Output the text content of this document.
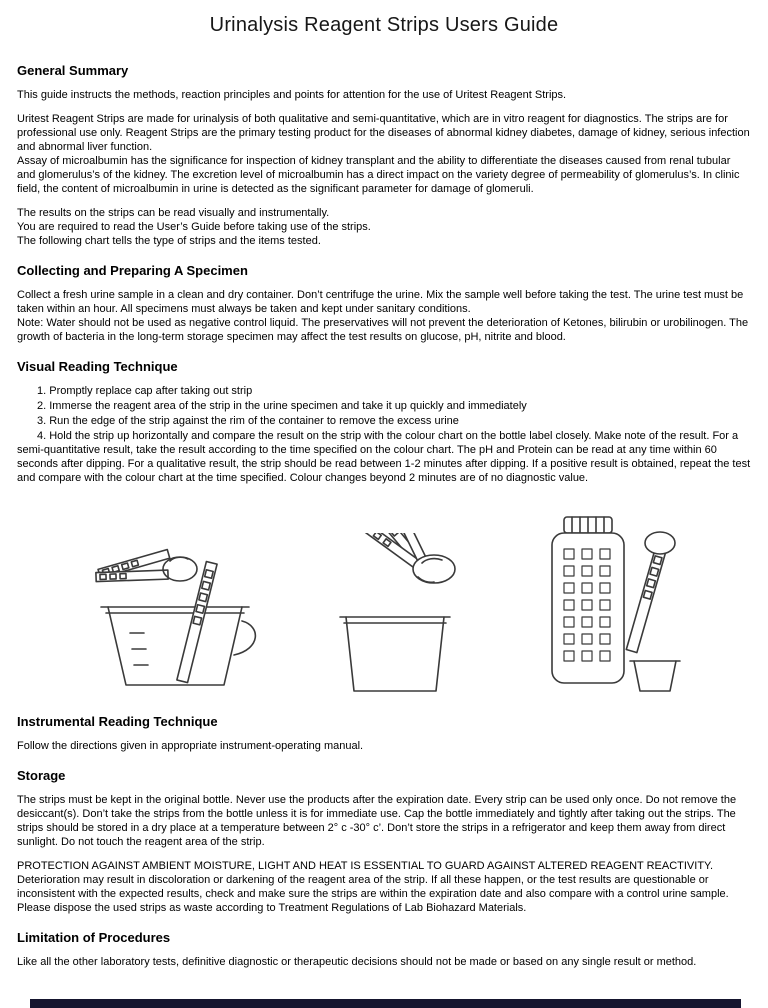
Urinalysis Reagent Strips Users Guide
General Summary
This guide instructs the methods, reaction principles and points for attention for the use of Uritest Reagent Strips.
Uritest Reagent Strips are made for urinalysis of both qualitative and semi-quantitative, which are in vitro reagent for diagnostics. The strips are for professional use only. Reagent Strips are the primary testing product for the diseases of abnormal kidney diabetes, damage of kidney, serious infection and abnormal liver function.
Assay of microalbumin has the significance for inspection of kidney transplant and the ability to differentiate the diseases caused from renal tubular and glomerulus’s of the kidney. The excretion level of microalbumin has a direct impact on the variety degree of permeability of glomerulus’s. In clinic field, the content of microalbumin in urine is detected as the significant parameter for damage of glomeruli.
The results on the strips can be read visually and instrumentally.
You are required to read the User’s Guide before taking use of the strips.
The following chart tells the type of strips and the items tested.
Collecting and Preparing A Specimen
Collect a fresh urine sample in a clean and dry container. Don’t centrifuge the urine. Mix the sample well before taking the test. The urine test must be taken within an hour. All specimens must always be taken and kept under sanitary conditions.
Note: Water should not be used as negative control liquid. The preservatives will not prevent the deterioration of Ketones, bilirubin or urobilinogen. The growth of bacteria in the long-term storage specimen may affect the test results on glucose, pH, nitrite and blood.
Visual Reading Technique
1. Promptly replace cap after taking out strip
2. Immerse the reagent area of the strip in the urine specimen and take it up quickly and immediately
3. Run the edge of the strip against the rim of the container to remove the excess urine
4. Hold the strip up horizontally and compare the result on the strip with the colour chart on the bottle label closely. Make note of the result. For a semi-quantitative result, take the result according to the time specified on the colour chart. The pH and Protein can be read at any time within 60 seconds after dipping. For a qualitative result, the strip should be read between 1-2 minutes after dipping. If a positive result is obtained, repeat the test and compare with the colour chart at the time specified. Colour changes beyond 2 minutes are of no diagnostic value.
Instrumental Reading Technique
Follow the directions given in appropriate instrument-operating manual.
Storage
The strips must be kept in the original bottle. Never use the products after the expiration date. Every strip can be used only once. Do not remove the desiccant(s). Don’t take the strips from the bottle unless it is for immediate use. Cap the bottle immediately and tightly after taking out the strips. The strips should be stored in a dry place at a temperature between 2° c -30° c’. Don’t store the strips in a refrigerator and keep them away from direct sunlight. Do not touch the reagent area of the strip.
PROTECTION AGAINST AMBIENT MOISTURE, LIGHT AND HEAT IS ESSENTIAL TO GUARD AGAINST ALTERED REAGENT REACTIVITY. Deterioration may result in discoloration or darkening of the reagent area of the strip. If all these happen, or the test results are questionable or inconsistent with the expected results, check and make sure the strips are within the expiration date and also compare with a control urine sample. Please dispose the used strips as waste according to Treatment Regulations of Lab Biohazard Materials.
Limitation of Procedures
Like all the other laboratory tests, definitive diagnostic or therapeutic decisions should not be made or based on any single result or method.
